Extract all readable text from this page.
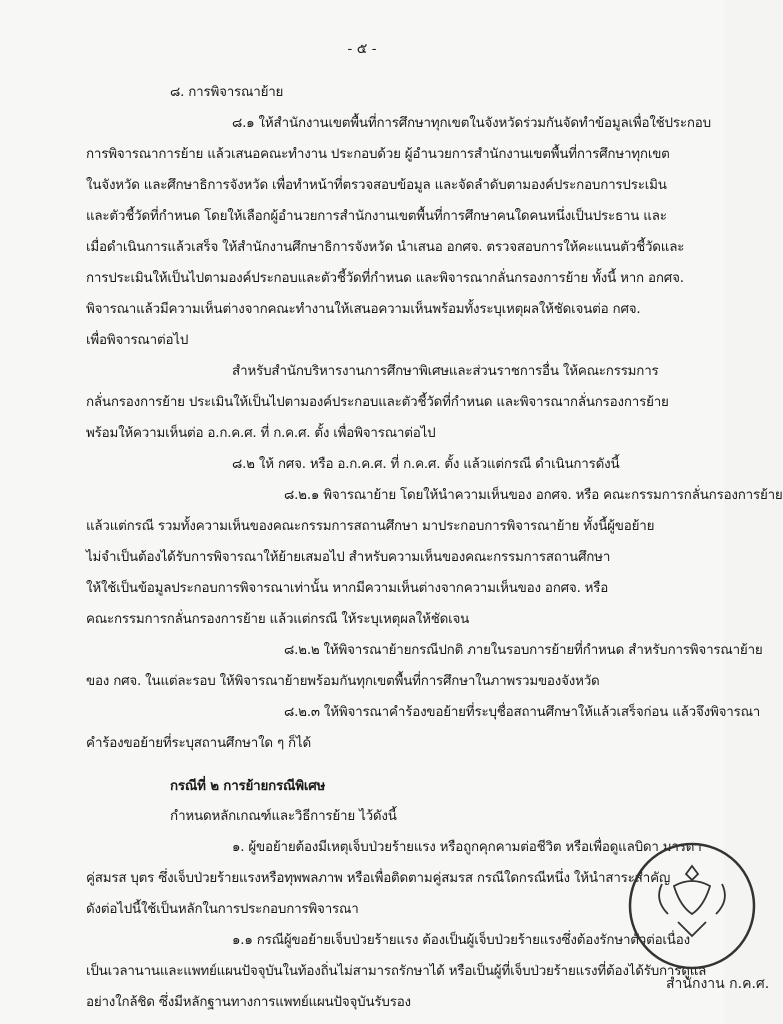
- ๕ -
๘. การพิจารณาย้าย
๘.๑ ให้สำนักงานเขตพื้นที่การศึกษาทุกเขตในจังหวัดร่วมกันจัดทำข้อมูลเพื่อใช้ประกอบ
การพิจารณาการย้าย แล้วเสนอคณะทำงาน ประกอบด้วย ผู้อำนวยการสำนักงานเขตพื้นที่การศึกษาทุกเขต
ในจังหวัด และศึกษาธิการจังหวัด เพื่อทำหน้าที่ตรวจสอบข้อมูล และจัดลำดับตามองค์ประกอบการประเมิน
และตัวชี้วัดที่กำหนด โดยให้เลือกผู้อำนวยการสำนักงานเขตพื้นที่การศึกษาคนใดคนหนึ่งเป็นประธาน และ
เมื่อดำเนินการแล้วเสร็จ ให้สำนักงานศึกษาธิการจังหวัด นำเสนอ อกศจ. ตรวจสอบการให้คะแนนตัวชี้วัดและ
การประเมินให้เป็นไปตามองค์ประกอบและตัวชี้วัดที่กำหนด และพิจารณากลั่นกรองการย้าย ทั้งนี้ หาก อกศจ.
พิจารณาแล้วมีความเห็นต่างจากคณะทำงานให้เสนอความเห็นพร้อมทั้งระบุเหตุผลให้ชัดเจนต่อ กศจ.
เพื่อพิจารณาต่อไป
สำหรับสำนักบริหารงานการศึกษาพิเศษและส่วนราชการอื่น ให้คณะกรรมการ
กลั่นกรองการย้าย ประเมินให้เป็นไปตามองค์ประกอบและตัวชี้วัดที่กำหนด และพิจารณากลั่นกรองการย้าย
พร้อมให้ความเห็นต่อ อ.ก.ค.ศ. ที่ ก.ค.ศ. ตั้ง เพื่อพิจารณาต่อไป
๘.๒ ให้ กศจ. หรือ อ.ก.ค.ศ. ที่ ก.ค.ศ. ตั้ง แล้วแต่กรณี ดำเนินการดังนี้
๘.๒.๑ พิจารณาย้าย โดยให้นำความเห็นของ อกศจ. หรือ คณะกรรมการกลั่นกรองการย้าย
แล้วแต่กรณี รวมทั้งความเห็นของคณะกรรมการสถานศึกษา มาประกอบการพิจารณาย้าย ทั้งนี้ผู้ขอย้าย
ไม่จำเป็นต้องได้รับการพิจารณาให้ย้ายเสมอไป สำหรับความเห็นของคณะกรรมการสถานศึกษา
ให้ใช้เป็นข้อมูลประกอบการพิจารณาเท่านั้น หากมีความเห็นต่างจากความเห็นของ อกศจ. หรือ
คณะกรรมการกลั่นกรองการย้าย แล้วแต่กรณี ให้ระบุเหตุผลให้ชัดเจน
๘.๒.๒ ให้พิจารณาย้ายกรณีปกติ ภายในรอบการย้ายที่กำหนด สำหรับการพิจารณาย้าย
ของ กศจ. ในแต่ละรอบ ให้พิจารณาย้ายพร้อมกันทุกเขตพื้นที่การศึกษาในภาพรวมของจังหวัด
๘.๒.๓ ให้พิจารณาคำร้องขอย้ายที่ระบุชื่อสถานศึกษาให้แล้วเสร็จก่อน แล้วจึงพิจารณา
คำร้องขอย้ายที่ระบุสถานศึกษาใด ๆ ก็ได้
กรณีที่ ๒ การย้ายกรณีพิเศษ
กำหนดหลักเกณฑ์และวิธีการย้าย ไว้ดังนี้
๑. ผู้ขอย้ายต้องมีเหตุเจ็บป่วยร้ายแรง หรือถูกคุกคามต่อชีวิต หรือเพื่อดูแลบิดา มารดา
คู่สมรส บุตร ซึ่งเจ็บป่วยร้ายแรงหรือทุพพลภาพ หรือเพื่อติดตามคู่สมรส กรณีใดกรณีหนึ่ง ให้นำสาระสำคัญ
ดังต่อไปนี้ใช้เป็นหลักในการประกอบการพิจารณา
๑.๑ กรณีผู้ขอย้ายเจ็บป่วยร้ายแรง ต้องเป็นผู้เจ็บป่วยร้ายแรงซึ่งต้องรักษาตัวต่อเนื่อง
เป็นเวลานานและแพทย์แผนปัจจุบันในท้องถิ่นไม่สามารถรักษาได้ หรือเป็นผู้ที่เจ็บป่วยร้ายแรงที่ต้องได้รับการดูแล
อย่างใกล้ชิด ซึ่งมีหลักฐานทางการแพทย์แผนปัจจุบันรับรอง
สำนักงาน ก.ค.ศ.
